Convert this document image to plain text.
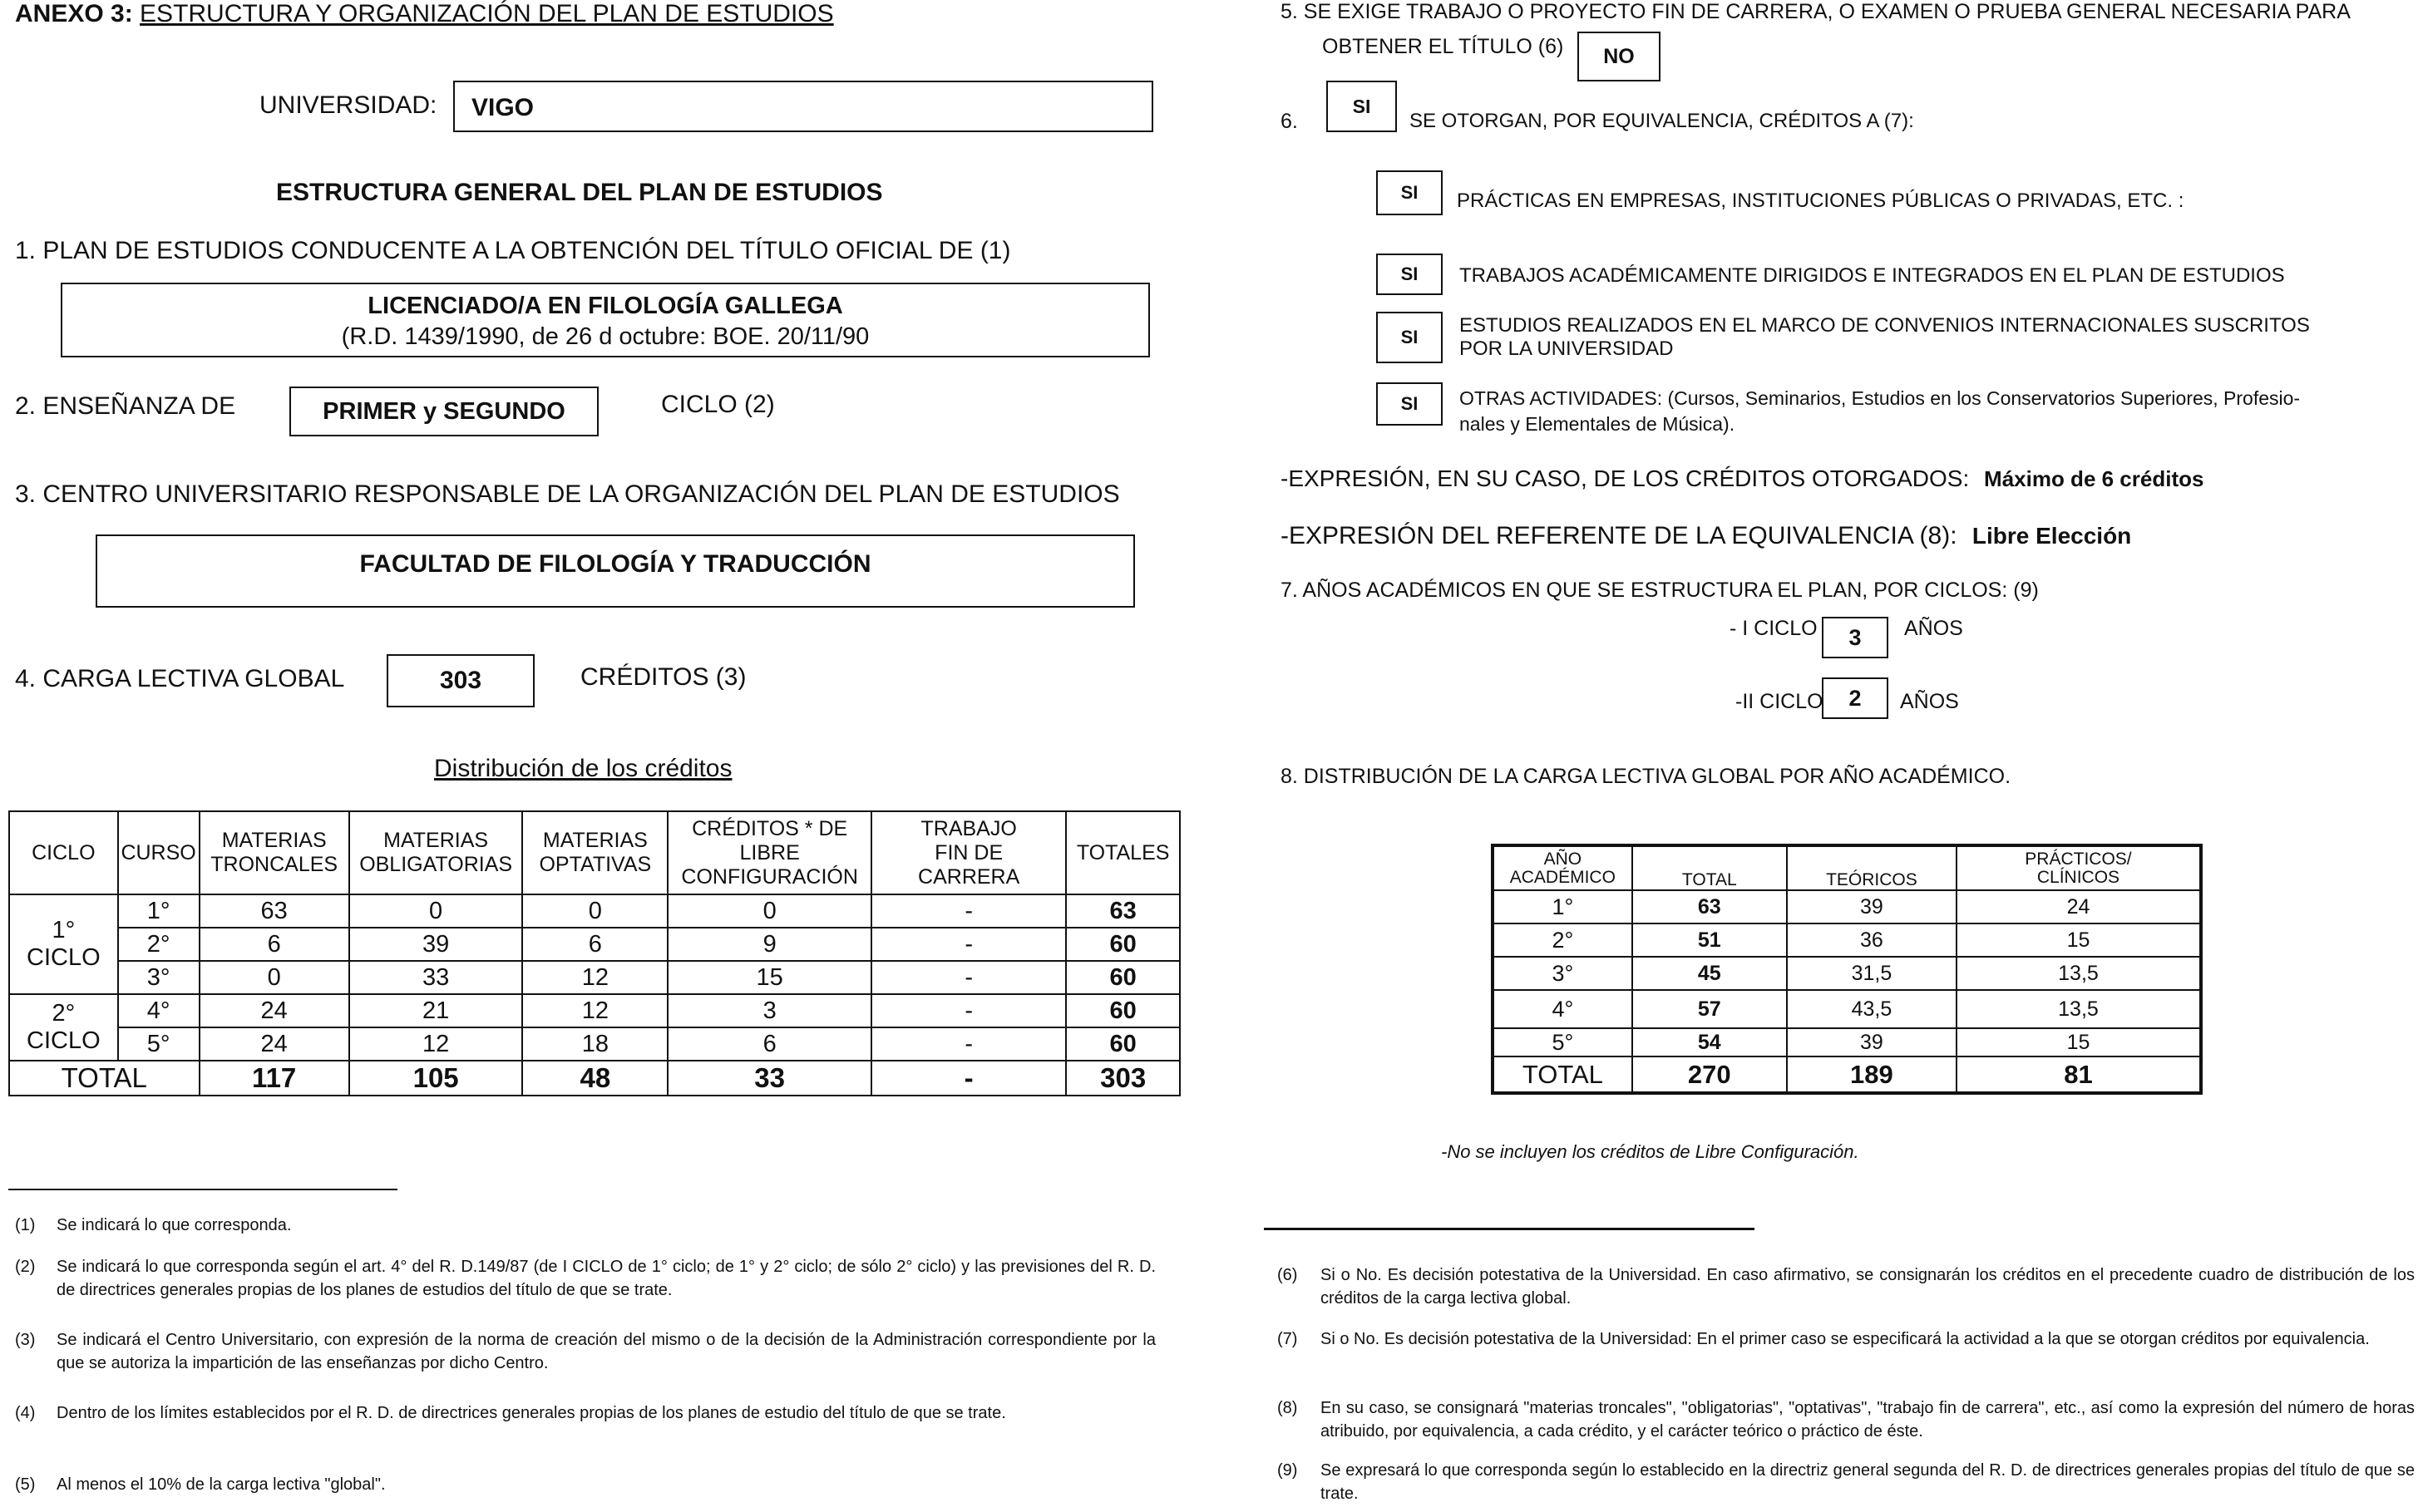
ANEXO 3: ESTRUCTURA Y ORGANIZACIÓN DEL PLAN DE ESTUDIOS
UNIVERSIDAD: VIGO
ESTRUCTURA GENERAL DEL PLAN DE ESTUDIOS
1. PLAN DE ESTUDIOS CONDUCENTE A LA OBTENCIÓN DEL TÍTULO OFICIAL DE (1)
LICENCIADO/A EN FILOLOGÍA GALLEGA
(R.D. 1439/1990, de 26 d octubre: BOE. 20/11/90
2. ENSEÑANZA DE	PRIMER y SEGUNDO	CICLO (2)
3. CENTRO UNIVERSITARIO RESPONSABLE DE LA ORGANIZACIÓN DEL PLAN DE ESTUDIOS
FACULTAD DE FILOLOGÍA Y TRADUCCIÓN
4. CARGA LECTIVA GLOBAL	303	CRÉDITOS (3)
Distribución de los créditos
CICLO	CURSO	MATERIAS TRONCALES	MATERIAS OBLIGATORIAS	MATERIAS OPTATIVAS	CRÉDITOS * DE LIBRE CONFIGURACIÓN	TRABAJO FIN DE CARRERA	TOTALES
1° CICLO	1°	63	0	0	0	-	63
	2°	6	39	6	9	-	60
	3°	0	33	12	15	-	60
2° CICLO	4°	24	21	12	3	-	60
	5°	24	12	18	6	-	60
TOTAL		117	105	48	33	-	303
(1) Se indicará lo que corresponda.
(2) Se indicará lo que corresponda según el art. 4° del R. D.149/87 (de I CICLO de 1° ciclo; de 1° y 2° ciclo; de sólo 2° ciclo) y las previsiones del R. D. de directrices generales propias de los planes de estudios del título de que se trate.
(3) Se indicará el Centro Universitario, con expresión de la norma de creación del mismo o de la decisión de la Administración correspondiente por la que se autoriza la impartición de las enseñanzas por dicho Centro.
(4) Dentro de los límites establecidos por el R. D. de directrices generales propias de los planes de estudio del título de que se trate.
(5) Al menos el 10% de la carga lectiva "global".
5. SE EXIGE TRABAJO O PROYECTO FIN DE CARRERA, O EXAMEN O PRUEBA GENERAL NECESARIA PARA
OBTENER EL TÍTULO (6) NO
6.
SI
SE OTORGAN, POR EQUIVALENCIA, CRÉDITOS A (7):
SI PRÁCTICAS EN EMPRESAS, INSTITUCIONES PÚBLICAS O PRIVADAS, ETC. :
SI TRABAJOS ACADÉMICAMENTE DIRIGIDOS E INTEGRADOS EN EL PLAN DE ESTUDIOS
SI
ESTUDIOS REALIZADOS EN EL MARCO DE CONVENIOS INTERNACIONALES SUSCRITOS
POR LA UNIVERSIDAD
SI OTRAS ACTIVIDADES: (Cursos, Seminarios, Estudios en los Conservatorios Superiores, Profesio-
nales y Elementales de Música).
-EXPRESIÓN, EN SU CASO, DE LOS CRÉDITOS OTORGADOS: Máximo de 6 créditos
-EXPRESIÓN DEL REFERENTE DE LA EQUIVALENCIA (8): Libre Elección
7. AÑOS ACADÉMICOS EN QUE SE ESTRUCTURA EL PLAN, POR CICLOS: (9)
- I CICLO 3 AÑOS
-II CICLO 2 AÑOS
8. DISTRIBUCIÓN DE LA CARGA LECTIVA GLOBAL POR AÑO ACADÉMICO.
AÑO ACADÉMICO	TOTAL	TEÓRICOS	PRÁCTICOS/ CLÍNICOS
1°	63	39	24
2°	51	36	15
3°	45	31,5	13,5
4°	57	43,5	13,5
5°	54	39	15
TOTAL	270	189	81
-No se incluyen los créditos de Libre Configuración.
(6) Si o No. Es decisión potestativa de la Universidad. En caso afirmativo, se consignarán los créditos en el precedente cuadro de distribución de los créditos de la carga lectiva global.
(7) Si o No. Es decisión potestativa de la Universidad: En el primer caso se especificará la actividad a la que se otorgan créditos por equivalencia.
(8) En su caso, se consignará "materias troncales", "obligatorias", "optativas", "trabajo fin de carrera", etc., así como la expresión del número de horas atribuido, por equivalencia, a cada crédito, y el carácter teórico o práctico de éste.
(9) Se expresará lo que corresponda según lo establecido en la directriz general segunda del R. D. de directrices generales propias del título de que se trate.
